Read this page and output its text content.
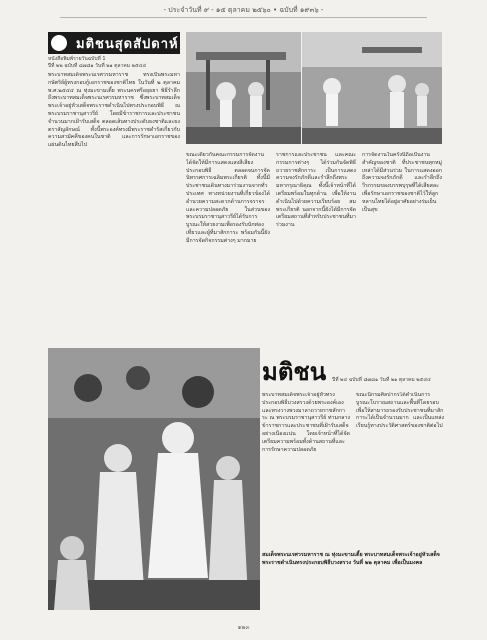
- ประจำวันที่ ๙ - ๑๕ ตุลาคม ๒๕๖๐ • ฉบับที่ ๑๙๓๖ -
มติชนสุดสัปดาห์
หนังสือพิมพ์รายวันฉบับที่ 1
ปีที่ ๒๒ ฉบับที่ ๘๗๘๑ วันที่ ๒๑ ตุลาคม ๒๕๔๔
พระบาทสมเด็จพระนเรศวรมหาราช ทรงเป็นพระมหากษัตริย์ผู้ทรงกอบกู้เอกราชของชาติไทย ในวันที่ ๒ ตุลาคม พ.ศ.๒๕๔๔ ณ ทุ่งมะขามเตี้ย พระนครศรีอยุธยา พิธีรำลึกถึงพระบาทสมเด็จพระนเรศวรมหาราช ซึ่งพระบาทสมเด็จพระเจ้าอยู่หัวเสด็จพระราชดำเนินไปทรงประกอบพิธี ณ พระบรมราชานุสาวรีย์ โดยมีข้าราชการและประชาชนจำนวนมากเฝ้ารับเสด็จ ตลอดเส้นทางประดับธงชาติและธงตราสัญลักษณ์ ทั้งนี้พระองค์ทรงมีพระราชดำรัสเกี่ยวกับความสามัคคีของคนในชาติ และการรักษาเอกราชของแผ่นดินไทยสืบไป
ขณะเดียวกันคณะกรรมการจัดงานได้จัดให้มีการแสดงแสงสีเสียงประกอบพิธี ตลอดจนการจัดนิทรรศการเฉลิมพระเกียรติ ทั้งนี้มีประชาชนเดินทางมาร่วมงานจากทั่วประเทศ ทางหน่วยงานที่เกี่ยวข้องได้อำนวยความสะดวกด้านการจราจรและความปลอดภัย ในส่วนของพระบรมราชานุสาวรีย์ได้รับการบูรณะให้สวยงามเพื่อรองรับนักท่องเที่ยวและผู้ที่มาสักการะ พร้อมกันนี้ยังมีการจัดกิจกรรมต่างๆ มากมาย
ราชการและประชาชน และคณะกรรมการต่างๆ ได้ร่วมกันจัดพิธีถวายราชสักการะ เป็นการแสดงความจงรักภักดีและรำลึกถึงพระมหากรุณาธิคุณ ทั้งนี้เจ้าหน้าที่ได้เตรียมพร้อมในทุกด้าน เพื่อให้งานดำเนินไปด้วยความเรียบร้อย สมพระเกียรติ นอกจากนี้ยังได้มีการจัดเตรียมสถานที่สำหรับประชาชนที่มาร่วมงาน
การจัดงานในครั้งนี้ถือเป็นงานสำคัญของชาติ ที่ประชาชนทุกหมู่เหล่าได้มีส่วนร่วม ในการแสดงออกถึงความจงรักภักดี และรำลึกถึงวีรกรรมของบรรพบุรุษที่ได้เสียสละเพื่อรักษาเอกราชของชาติไว้ให้ลูกหลานไทยได้อยู่อาศัยอย่างร่มเย็นเป็นสุข
มติชน ปีที่ ๒๔ ฉบับที่ ๘๗๘๑ วันที่ ๒๑ ตุลาคม ๒๕๔๔
พระบาทสมเด็จพระเจ้าอยู่หัวทรงประกอบพิธีบวงสรวงด้วยพระองค์เอง และทรงวางพวงมาลาถวายราชสักการะ ณ พระบรมราชานุสาวรีย์ ท่ามกลางข้าราชการและประชาชนที่เฝ้ารับเสด็จอย่างเนืองแน่น โดยเจ้าหน้าที่ได้จัดเตรียมความพร้อมทั้งด้านสถานที่และการรักษาความปลอดภัย
ขณะนี้กรมศิลปากรได้ดำเนินการบูรณะโบราณสถานและพื้นที่โดยรอบ เพื่อให้สามารถรองรับประชาชนที่มาสักการะได้เป็นจำนวนมาก และเป็นแหล่งเรียนรู้ทางประวัติศาสตร์ของชาติต่อไป
สมเด็จพระนเรศวรมหาราช ณ ทุ่งมะขามเตี้ย พระบาทสมเด็จพระเจ้าอยู่หัวเสด็จพระราชดำเนินทรงประกอบพิธีบวงสรวง วันที่ ๒๒ ตุลาคม เพื่อเป็นมงคล
๑๒๓
